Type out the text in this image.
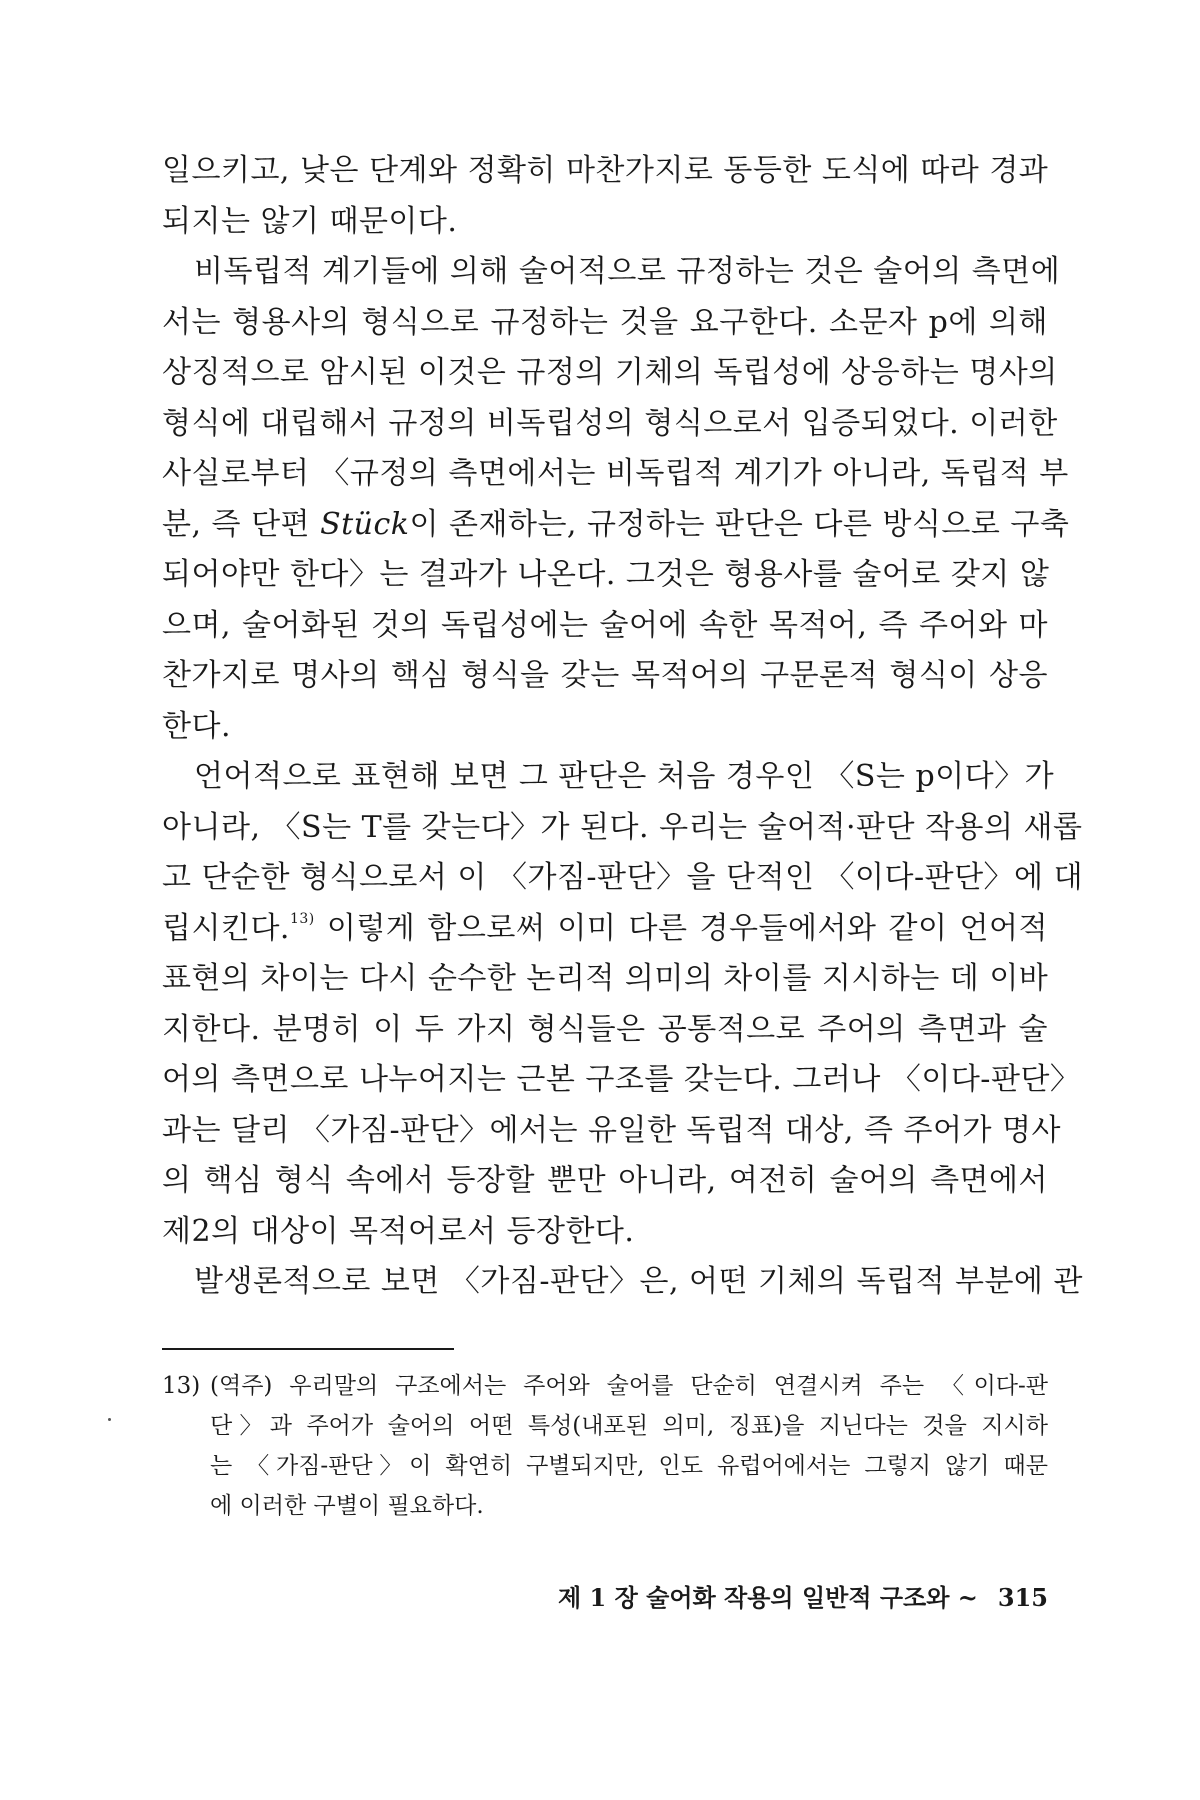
일으키고, 낮은 단계와 정확히 마찬가지로 동등한 도식에 따라 경과
되지는 않기 때문이다.
비독립적 계기들에 의해 술어적으로 규정하는 것은 술어의 측면에
서는 형용사의 형식으로 규정하는 것을 요구한다. 소문자 p에 의해
상징적으로 암시된 이것은 규정의 기체의 독립성에 상응하는 명사의
형식에 대립해서 규정의 비독립성의 형식으로서 입증되었다. 이러한
사실로부터 〈규정의 측면에서는 비독립적 계기가 아니라, 독립적 부
분, 즉 단편 Stück이 존재하는, 규정하는 판단은 다른 방식으로 구축
되어야만 한다〉는 결과가 나온다. 그것은 형용사를 술어로 갖지 않
으며, 술어화된 것의 독립성에는 술어에 속한 목적어, 즉 주어와 마
찬가지로 명사의 핵심 형식을 갖는 목적어의 구문론적 형식이 상응
한다.
언어적으로 표현해 보면 그 판단은 처음 경우인 〈S는 p이다〉가
아니라, 〈S는 T를 갖는다〉가 된다. 우리는 술어적·판단 작용의 새롭
고 단순한 형식으로서 이 〈가짐-판단〉을 단적인 〈이다-판단〉에 대
립시킨다.$^{13)}$ 이렇게 함으로써 이미 다른 경우들에서와 같이 언어적
표현의 차이는 다시 순수한 논리적 의미의 차이를 지시하는 데 이바
지한다. 분명히 이 두 가지 형식들은 공통적으로 주어의 측면과 술
어의 측면으로 나누어지는 근본 구조를 갖는다. 그러나 〈이다-판단〉
과는 달리 〈가짐-판단〉에서는 유일한 독립적 대상, 즉 주어가 명사
의 핵심 형식 속에서 등장할 뿐만 아니라, 여전히 술어의 측면에서
제2의 대상이 목적어로서 등장한다.
발생론적으로 보면 〈가짐-판단〉은, 어떤 기체의 독립적 부분에 관
13) (역주) 우리말의 구조에서는 주어와 술어를 단순히 연결시켜 주는 〈이다-판
단〉과 주어가 술어의 어떤 특성(내포된 의미, 징표)을 지닌다는 것을 지시하
는 〈가짐-판단〉이 확연히 구별되지만, 인도 유럽어에서는 그렇지 않기 때문
에 이러한 구별이 필요하다.
제 1 장 술어화 작용의 일반적 구조와 ~ 315
